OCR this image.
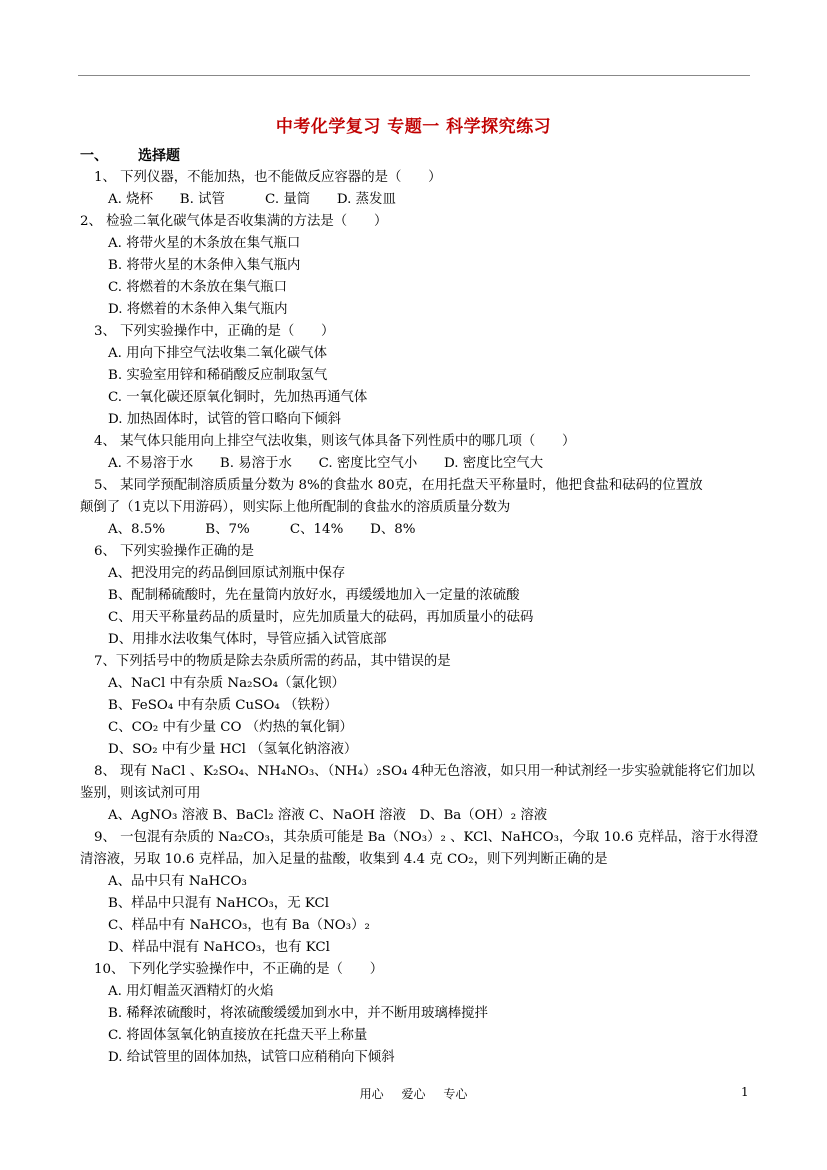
中考化学复习 专题一 科学探究练习
一、 选择题
1、 下列仪器，不能加热，也不能做反应容器的是（　　）
A. 烧杯　　B. 试管　　　C. 量筒　　D. 蒸发皿
2、 检验二氧化碳气体是否收集满的方法是（　　）
A. 将带火星的木条放在集气瓶口
B. 将带火星的木条伸入集气瓶内
C. 将燃着的木条放在集气瓶口
D. 将燃着的木条伸入集气瓶内
3、 下列实验操作中，正确的是（　　）
A. 用向下排空气法收集二氧化碳气体
B. 实验室用锌和稀硝酸反应制取氢气
C. 一氧化碳还原氧化铜时，先加热再通气体
D. 加热固体时，试管的管口略向下倾斜
4、 某气体只能用向上排空气法收集，则该气体具备下列性质中的哪几项（　　）
A. 不易溶于水　　B. 易溶于水　　C. 密度比空气小　　D. 密度比空气大
5、 某同学预配制溶质质量分数为 8%的食盐水 80克，在用托盘天平称量时，他把食盐和砝码的位置放
颠倒了（1克以下用游码），则实际上他所配制的食盐水的溶质质量分数为
A、8.5%　　　B、7%　　　C、14%　　D、8%
6、 下列实验操作正确的是
A、把没用完的药品倒回原试剂瓶中保存
B、配制稀硫酸时，先在量筒内放好水，再缓缓地加入一定量的浓硫酸
C、用天平称量药品的质量时，应先加质量大的砝码，再加质量小的砝码
D、用排水法收集气体时，导管应插入试管底部
7、下列括号中的物质是除去杂质所需的药品，其中错误的是
A、NaCl 中有杂质 Na₂SO₄（氯化钡）
B、FeSO₄ 中有杂质 CuSO₄ （铁粉）
C、CO₂ 中有少量 CO （灼热的氧化铜）
D、SO₂ 中有少量 HCl （氢氧化钠溶液）
8、 现有 NaCl 、K₂SO₄、NH₄NO₃、（NH₄）₂SO₄ 4种无色溶液，如只用一种试剂经一步实验就能将它们加以
鉴别，则该试剂可用
A、AgNO₃ 溶液 B、BaCl₂ 溶液 C、NaOH 溶液　D、Ba（OH）₂ 溶液
9、 一包混有杂质的 Na₂CO₃，其杂质可能是 Ba（NO₃）₂ 、KCl、NaHCO₃，今取 10.6 克样品，溶于水得澄
清溶液，另取 10.6 克样品，加入足量的盐酸，收集到 4.4 克 CO₂，则下列判断正确的是
A、品中只有 NaHCO₃
B、样品中只混有 NaHCO₃，无 KCl
C、样品中有 NaHCO₃，也有 Ba（NO₃）₂
D、样品中混有 NaHCO₃，也有 KCl
10、 下列化学实验操作中，不正确的是（　　）
A. 用灯帽盖灭酒精灯的火焰
B. 稀释浓硫酸时，将浓硫酸缓缓加到水中，并不断用玻璃棒搅拌
C. 将固体氢氧化钠直接放在托盘天平上称量
D. 给试管里的固体加热，试管口应稍稍向下倾斜
用心 爱心 专心	1
